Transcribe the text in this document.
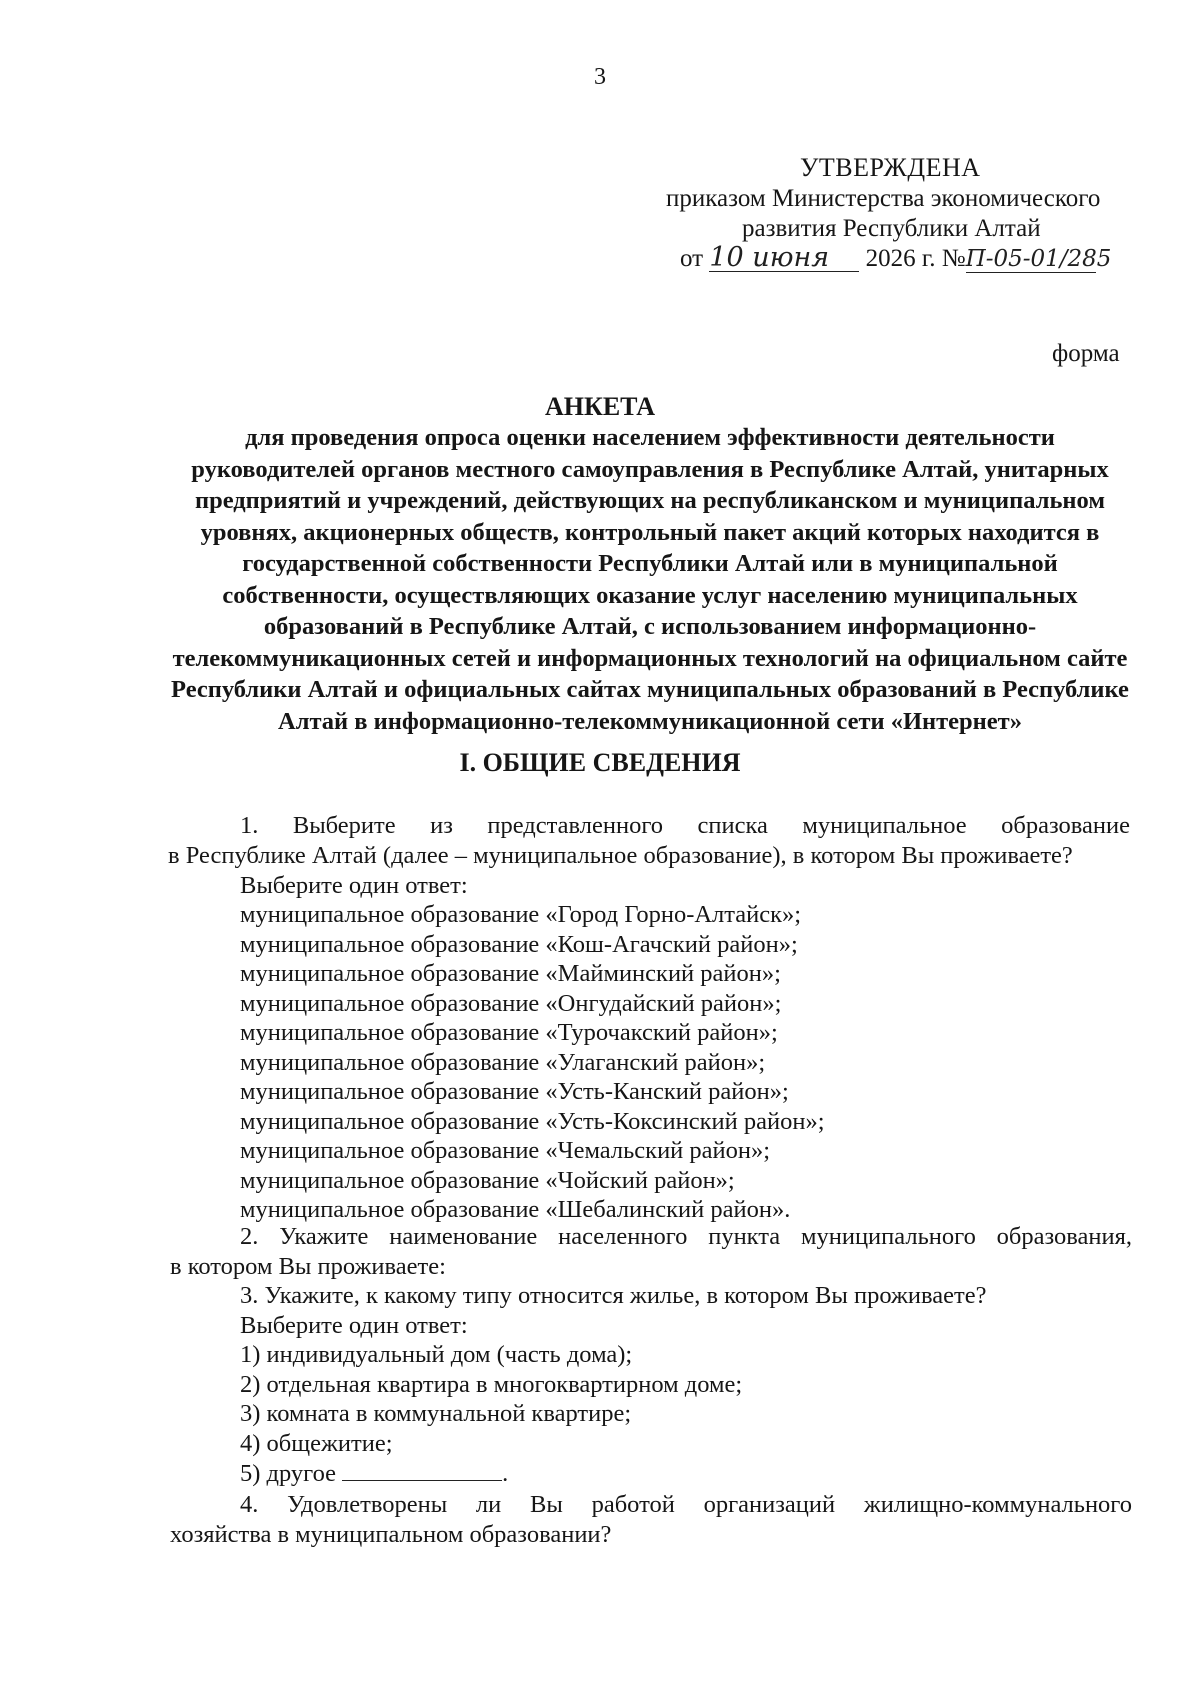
3
УТВЕРЖДЕНА
приказом Министерства экономического
развития Республики Алтай
от 10 июня 2026 г. №П-05-01/285
форма
АНКЕТА
для проведения опроса оценки населением эффективности деятельности
руководителей органов местного самоуправления в Республике Алтай, унитарных
предприятий и учреждений, действующих на республиканском и муниципальном
уровнях, акционерных обществ, контрольный пакет акций которых находится в
государственной собственности Республики Алтай или в муниципальной
собственности, осуществляющих оказание услуг населению муниципальных
образований в Республике Алтай, с использованием информационно-
телекоммуникационных сетей и информационных технологий на официальном сайте
Республики Алтай и официальных сайтах муниципальных образований в Республике
Алтай в информационно-телекоммуникационной сети «Интернет»
I. ОБЩИЕ СВЕДЕНИЯ
1. Выберите из представленного списка муниципальное образование
в Республике Алтай (далее – муниципальное образование), в котором Вы проживаете?
Выберите один ответ:
муниципальное образование «Город Горно-Алтайск»;
муниципальное образование «Кош-Агачский район»;
муниципальное образование «Майминский район»;
муниципальное образование «Онгудайский район»;
муниципальное образование «Турочакский район»;
муниципальное образование «Улаганский район»;
муниципальное образование «Усть-Канский район»;
муниципальное образование «Усть-Коксинский район»;
муниципальное образование «Чемальский район»;
муниципальное образование «Чойский район»;
муниципальное образование «Шебалинский район».
2. Укажите наименование населенного пункта муниципального образования,
в котором Вы проживаете:
3. Укажите, к какому типу относится жилье, в котором Вы проживаете?
Выберите один ответ:
1) индивидуальный дом (часть дома);
2) отдельная квартира в многоквартирном доме;
3) комната в коммунальной квартире;
4) общежитие;
5) другое	.
4. Удовлетворены ли Вы работой организаций жилищно-коммунального
хозяйства в муниципальном образовании?
